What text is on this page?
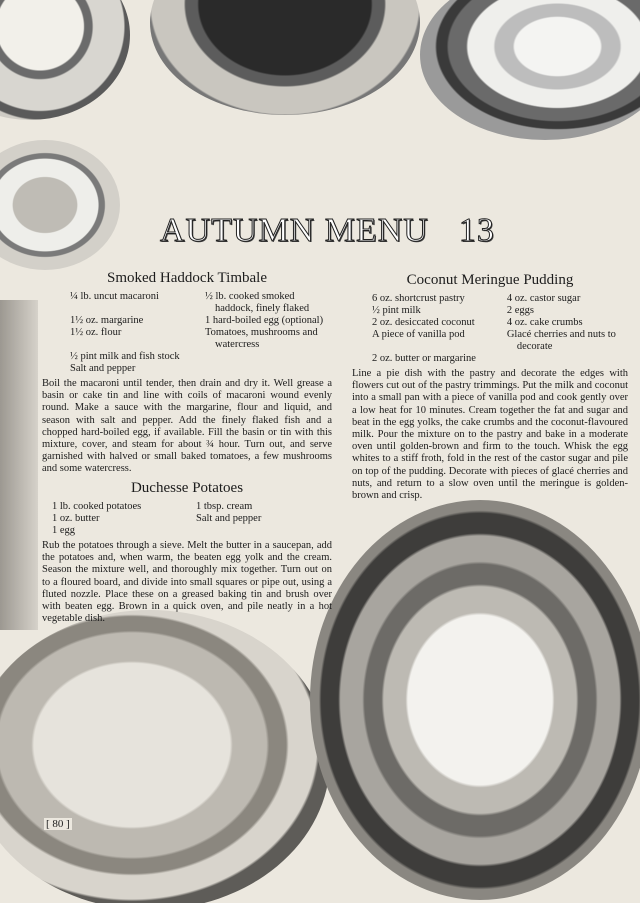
AUTUMN MENU 13
Smoked Haddock Timbale
¼ lb. uncut macaroni	½ lb. cooked smoked haddock, finely flaked
1½ oz. margarine	1 hard-boiled egg (optional)
1½ oz. flour	Tomatoes, mushrooms and watercress
½ pint milk and fish stock
Salt and pepper

Boil the macaroni until tender, then drain and dry it. Well grease a basin or cake tin and line with coils of macaroni wound evenly round. Make a sauce with the margarine, flour and liquid, and season with salt and pepper. Add the finely flaked fish and a chopped hard-boiled egg, if available. Fill the basin or tin with this mixture, cover, and steam for about ¾ hour. Turn out, and serve garnished with halved or small baked tomatoes, a few mushrooms and some watercress.

Duchesse Potatoes
1 lb. cooked potatoes	1 tbsp. cream
1 oz. butter	Salt and pepper
1 egg

Rub the potatoes through a sieve. Melt the butter in a saucepan, add the potatoes and, when warm, the beaten egg yolk and the cream. Season the mixture well, and thoroughly mix together. Turn out on to a floured board, and divide into small squares or pipe out, using a fluted nozzle. Place these on a greased baking tin and brush over with beaten egg. Brown in a quick oven, and pile neatly in a hot vegetable dish.

Coconut Meringue Pudding
6 oz. shortcrust pastry	4 oz. castor sugar
½ pint milk	2 eggs
2 oz. desiccated coconut	4 oz. cake crumbs
A piece of vanilla pod	Glacé cherries and nuts to decorate
2 oz. butter or margarine

Line a pie dish with the pastry and decorate the edges with flowers cut out of the pastry trimmings. Put the milk and coconut into a small pan with a piece of vanilla pod and cook gently over a low heat for 10 minutes. Cream together the fat and sugar and beat in the egg yolks, the cake crumbs and the coconut-flavoured milk. Pour the mixture on to the pastry and bake in a moderate oven until golden-brown and firm to the touch. Whisk the egg whites to a stiff froth, fold in the rest of the castor sugar and pile on top of the pudding. Decorate with pieces of glacé cherries and nuts, and return to a slow oven until the meringue is golden-brown and crisp.

[ 80 ]
